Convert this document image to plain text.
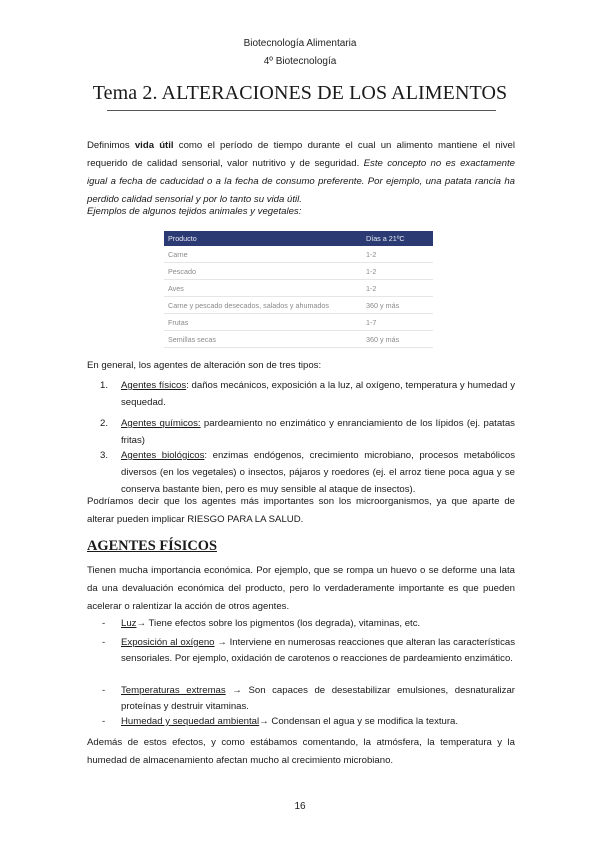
Biotecnología Alimentaria
4º Biotecnología
Tema 2. ALTERACIONES DE LOS ALIMENTOS

Definimos vida útil como el período de tiempo durante el cual un alimento mantiene el nivel requerido de calidad sensorial, valor nutritivo y de seguridad. Este concepto no es exactamente igual a fecha de caducidad o a la fecha de consumo preferente. Por ejemplo, una patata rancia ha perdido calidad sensorial y por lo tanto su vida útil.

Ejemplos de algunos tejidos animales y vegetales:
Producto	Días a 21ºC
Carne	1-2
Pescado	1-2
Aves	1-2
Carne y pescado desecados, salados y ahumados	360 y más
Frutas	1-7
Semillas secas	360 y más
En general, los agentes de alteración son de tres tipos:
1. Agentes físicos: daños mecánicos, exposición a la luz, al oxígeno, temperatura y humedad y sequedad.
2. Agentes químicos: pardeamiento no enzimático y enranciamiento de los lípidos (ej. patatas fritas)
3. Agentes biológicos: enzimas endógenos, crecimiento microbiano, procesos metabólicos diversos (en los vegetales) o insectos, pájaros y roedores (ej. el arroz tiene poca agua y se conserva bastante bien, pero es muy sensible al ataque de insectos).
Podríamos decir que los agentes más importantes son los microorganismos, ya que aparte de alterar pueden implicar RIESGO PARA LA SALUD.
AGENTES FÍSICOS
Tienen mucha importancia económica. Por ejemplo, que se rompa un huevo o se deforme una lata da una devaluación económica del producto, pero lo verdaderamente importante es que pueden acelerar o ralentizar la acción de otros agentes.
- Luz→ Tiene efectos sobre los pigmentos (los degrada), vitaminas, etc.
- Exposición al oxígeno → Interviene en numerosas reacciones que alteran las características sensoriales. Por ejemplo, oxidación de carotenos o reacciones de pardeamiento enzimático.
- Temperaturas extremas → Son capaces de desestabilizar emulsiones, desnaturalizar proteínas y destruir vitaminas.
- Humedad y sequedad ambiental→ Condensan el agua y se modifica la textura.
Además de estos efectos, y como estábamos comentando, la atmósfera, la temperatura y la humedad de almacenamiento afectan mucho al crecimiento microbiano.
16
